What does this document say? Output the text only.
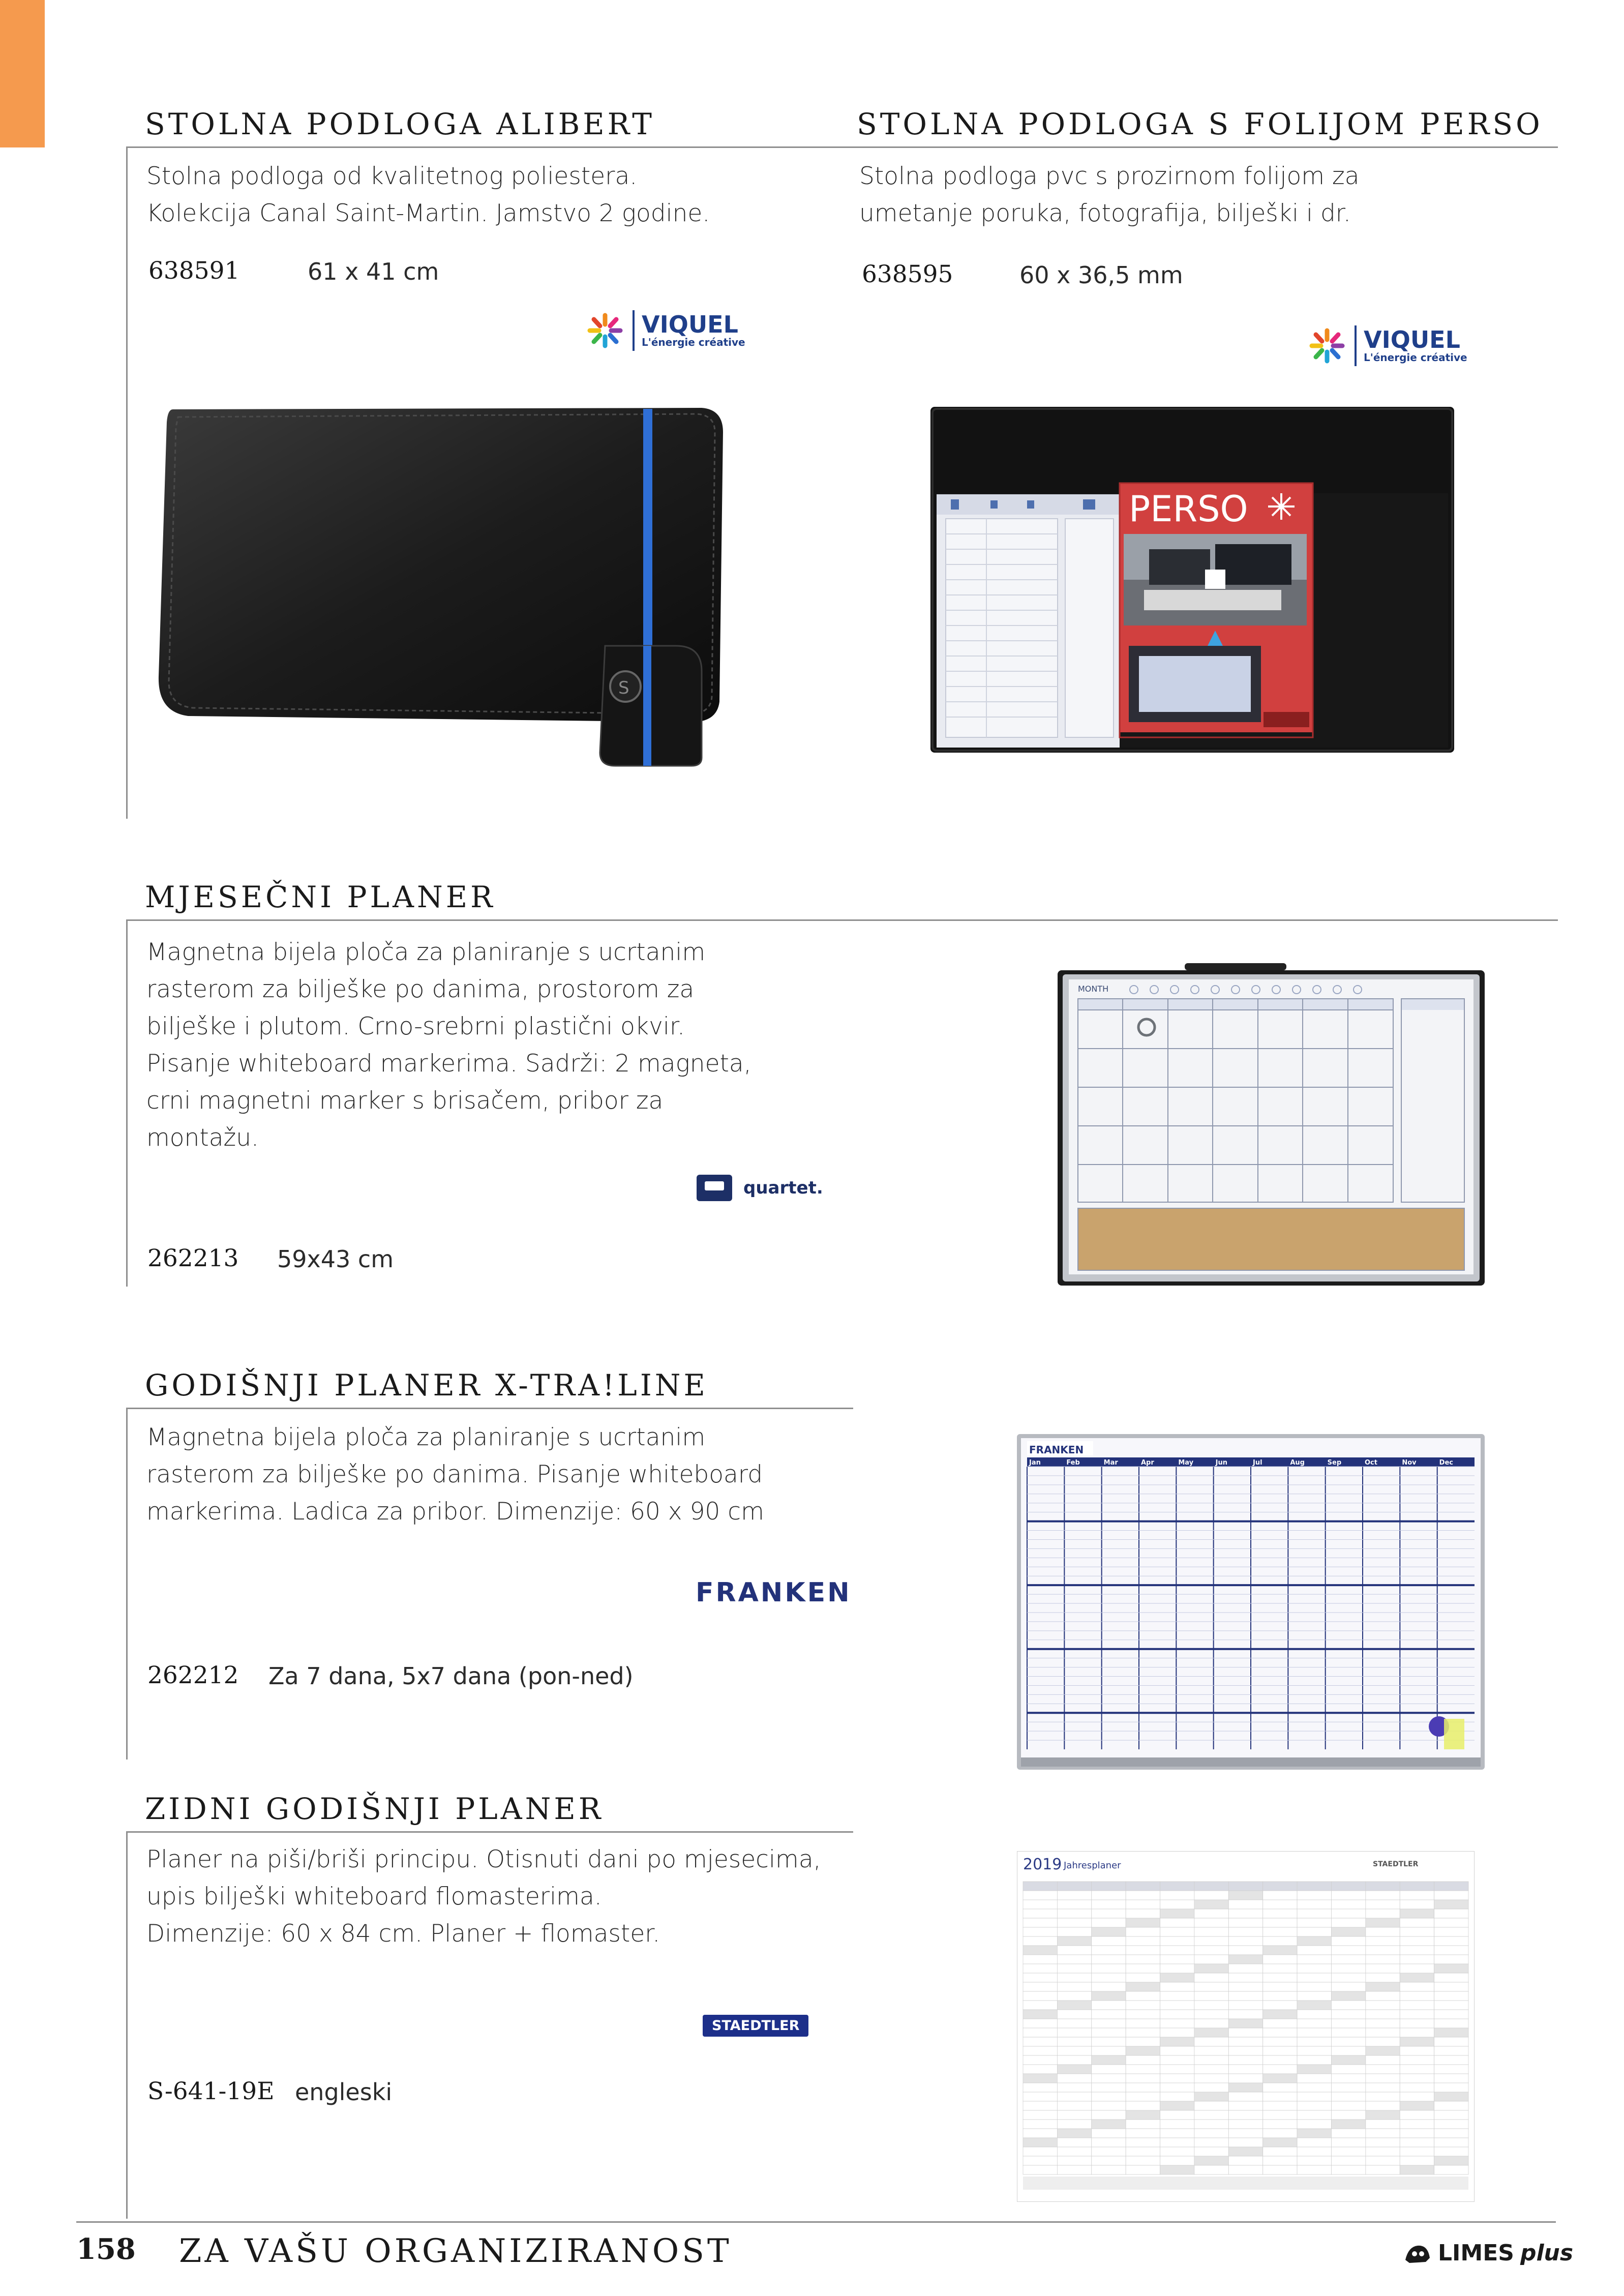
STOLNA PODLOGA ALIBERT
Stolna podloga od kvalitetnog poliestera.
Kolekcija Canal Saint-Martin. Jamstvo 2 godine.
638591	61 x 41 cm
VIQUEL
L'énergie créative
S
STOLNA PODLOGA S FOLIJOM PERSO
Stolna podloga pvc s prozirnom folijom za
umetanje poruka, fotografija, bilješki i dr.
638595	60 x 36,5 mm
VIQUEL
L'énergie créative
PERSO
MJESEČNI PLANER
Magnetna bijela ploča za planiranje s ucrtanim
rasterom za bilješke po danima, prostorom za
bilješke i plutom. Crno-srebrni plastični okvir.
Pisanje whiteboard markerima. Sadrži: 2 magneta,
crni magnetni marker s brisačem, pribor za
montažu.
quartet.
262213 59x43 cm
MONTH
GODIŠNJI PLANER X-TRA!LINE
Magnetna bijela ploča za planiranje s ucrtanim
rasterom za bilješke po danima. Pisanje whiteboard
markerima. Ladica za pribor. Dimenzije: 60 x 90 cm
FRANKEN
262212 Za 7 dana, 5x7 dana (pon-ned)
FRANKEN
Jan	Feb	Mar	Apr	May	Jun	Jul	Aug	Sep	Oct	Nov	Dec
ZIDNI GODIŠNJI PLANER
Planer na piši/briši principu. Otisnuti dani po mjesecima,
upis bilješki whiteboard flomasterima.
Dimenzije: 60 x 84 cm. Planer + flomaster.
STAEDTLER
S-641-19E engleski
2019 Jahresplaner	STAEDTLER
158 ZA VAŠU ORGANIZIRANOST	LIMES plus
